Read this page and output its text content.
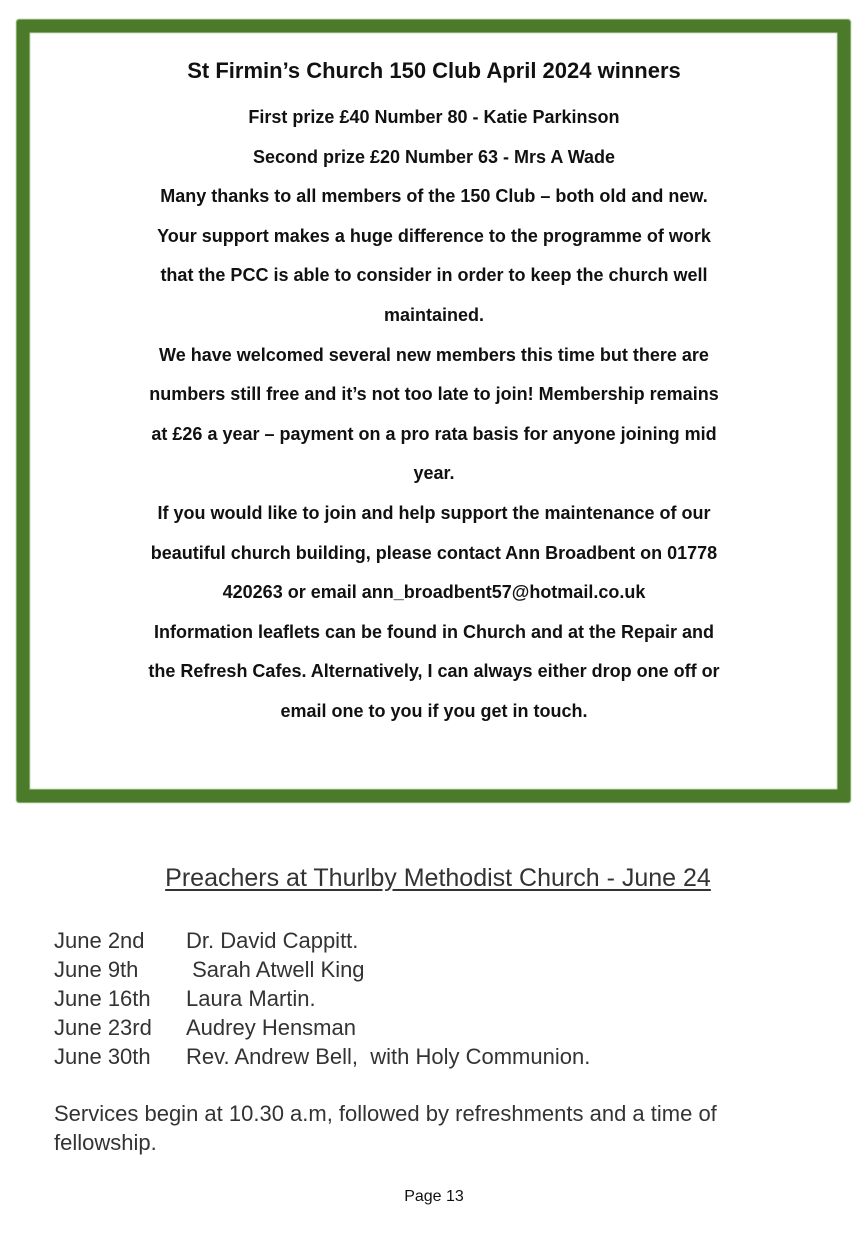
St Firmin’s Church 150 Club April 2024 winners
First prize £40 Number 80 - Katie Parkinson
Second prize £20 Number 63 - Mrs A Wade
Many thanks to all members of the 150 Club – both old and new.
Your support makes a huge difference to the programme of work
that the PCC is able to consider in order to keep the church well
maintained.
We have welcomed several new members this time but there are
numbers still free and it’s not too late to join! Membership remains
at £26 a year – payment on a pro rata basis for anyone joining mid
year.
If you would like to join and help support the maintenance of our
beautiful church building, please contact Ann Broadbent on 01778
420263 or email ann_broadbent57@hotmail.co.uk
Information leaflets can be found in Church and at the Repair and
the Refresh Cafes. Alternatively, I can always either drop one off or
email one to you if you get in touch.
Preachers at Thurlby Methodist Church - June 24
June 2nd	Dr. David Cappitt.
June 9th	Sarah Atwell King
June 16th	Laura Martin.
June 23rd	Audrey Hensman
June 30th	Rev. Andrew Bell,  with Holy Communion.
Services begin at 10.30 a.m, followed by refreshments and a time of fellowship.
Page 13
